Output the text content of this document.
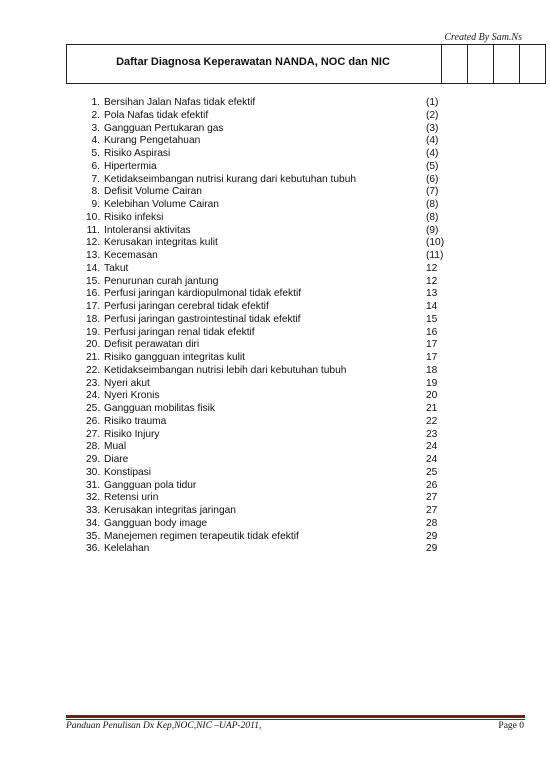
Created By Sam.Ns
Daftar Diagnosa Keperawatan NANDA, NOC dan NIC
1. Bersihan Jalan Nafas tidak efektif	(1)
2. Pola Nafas tidak efektif	(2)
3. Gangguan Pertukaran gas	(3)
4. Kurang Pengetahuan	(4)
5. Risiko Aspirasi	(4)
6. Hipertermia	(5)
7. Ketidakseimbangan nutrisi kurang dari kebutuhan tubuh	(6)
8. Defisit Volume Cairan	(7)
9. Kelebihan Volume Cairan	(8)
10. Risiko infeksi	(8)
11. Intoleransi aktivitas	(9)
12. Kerusakan integritas kulit	(10)
13. Kecemasan	(11)
14. Takut	12
15. Penurunan curah jantung	12
16. Perfusi jaringan kardiopulmonal tidak efektif	13
17. Perfusi jaringan cerebral tidak efektif	14
18. Perfusi jaringan gastrointestinal tidak efektif	15
19. Perfusi jaringan renal tidak efektif	16
20. Defisit perawatan diri	17
21. Risiko gangguan integritas kulit	17
22. Ketidakseimbangan nutrisi lebih dari kebutuhan tubuh	18
23. Nyeri akut	19
24. Nyeri Kronis	20
25. Gangguan mobilitas fisik	21
26. Risiko trauma	22
27. Risiko Injury	23
28. Mual	24
29. Diare	24
30. Konstipasi	25
31. Gangguan pola tidur	26
32. Retensi urin	27
33. Kerusakan integritas jaringan	27
34. Gangguan body image	28
35. Manejemen regimen terapeutik tidak efektif	29
36. Kelelahan	29
Panduan Penulisan Dx Kep,NOC,NIC –UAP-2011,	Page 0
